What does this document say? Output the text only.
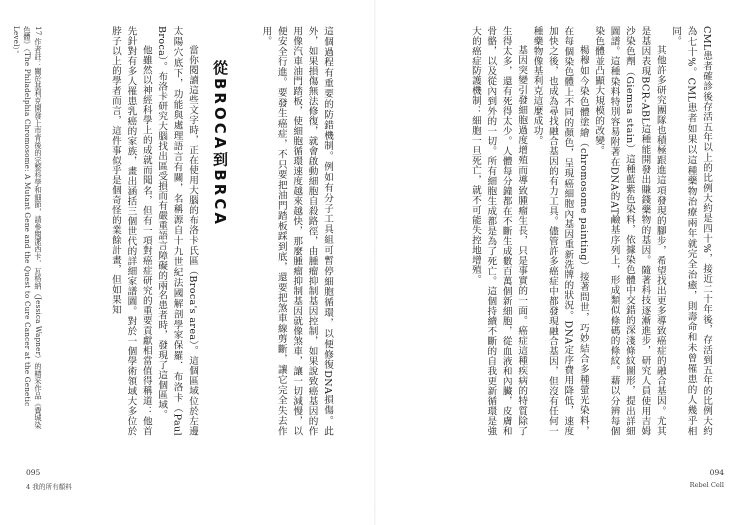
這個過程有重要的防錯機制。例如有分子工具組可暫停細胞循環，以便修復DNA損傷。此外，如果損傷無法修復，就會啟動細胞自殺路徑，由腫瘤抑制基因控制，如果說致癌基因的作用像汽車油門踏板，使細胞循環速度越來越快，那麼腫瘤抑制基因就像煞車，讓一切減慢，以便安全行進。要發生癌症，不只要把油門踏板踩到底，還要把煞車線剪斷，讓它完全失去作用。

從BROCA到BRCA

當你閱讀這些文字時，正在使用大腦的布洛卡氏區（Broca's area）。這個區域位於左邊太陽穴底下，功能與處理語言有關，名稱源自十九世紀法國解剖學家保羅．布洛卡（Paul Broca）。布洛卡研究大腦找出區受損而有嚴重語言障礙的兩名患者時，發現了這個區域。

他雖然以神經科學上的成就而聞名，但有一項對癌症研究的重要貢獻相當值得稱道：他首先針對有多人罹患乳癌的家族，畫出涵括三個世代的詳細家譜圖。對於一個學術領域大多位於脖子以上的學者而言，這件事似乎是個奇怪的業餘計畫，但如果知

17 作者註：關於基利克開發上市背後的完整科學和細節，請參閱潔西卡．瓦格納（Jessica Wapner）的精采作品《費城染色體》（The Philadelphia Chromosome: A Mutant Gene and the Quest to Cure Cancer at the Genetic Level）。
095
4 我的所有顏料

CML患者確診後存活五年以上的比例大約是四十%，接近二十年後，存活到五年的比例大約為七十%。CML患者如果以這種藥物治療兩年就完全治癒，則壽命和未曾罹患的人幾乎相同。

其他許多研究團隊也積極跟進這項發現的腳步，希望找出更多導致癌症的融合基因。尤其是基因表現BCR-ABL這種能開發出賺錢藥物的基因。隨著科技逐漸進步，研究人員使用吉姆沙染色劑（Giemsa stain）這種藍紫色染料，依據染色體中交錯的深淺條紋圖形，提出詳細圖譜。這種染料特別容易附著在DNA的AT鹼基序列上，形成類似條碼的條紋。藉以分辨每個染色體並凸顯大規模的改變。

楊穆如今染色體塗繪（chromosome painting）接著問世，巧妙結合多種螢光染料，在每個染色體上不同的顏色，呈現癌細胞內基因重新洗牌的狀況。DNA定序費用降低，速度加快之後，也成為尋找融合基因的有力工具。儘管許多癌症中都發現融合基因，但沒有任何一種藥物像基利克這麼成功。

基因突變引發細胞過度增殖而導致腫瘤生長，只是事實的一面。癌症這種疾病的特質除了生得太多，還有死得太少。人體每分鐘都在不斷生成數百萬個新細胞，從血液和內臟，皮膚和骨骼，以及從內到外的一切。所有細胞生成都是為了死亡。這個持續不斷的自我更新循環是強大的癌症防護機制：細胞一旦死亡，就不可能失控地增殖。

094
Rebel Cell
